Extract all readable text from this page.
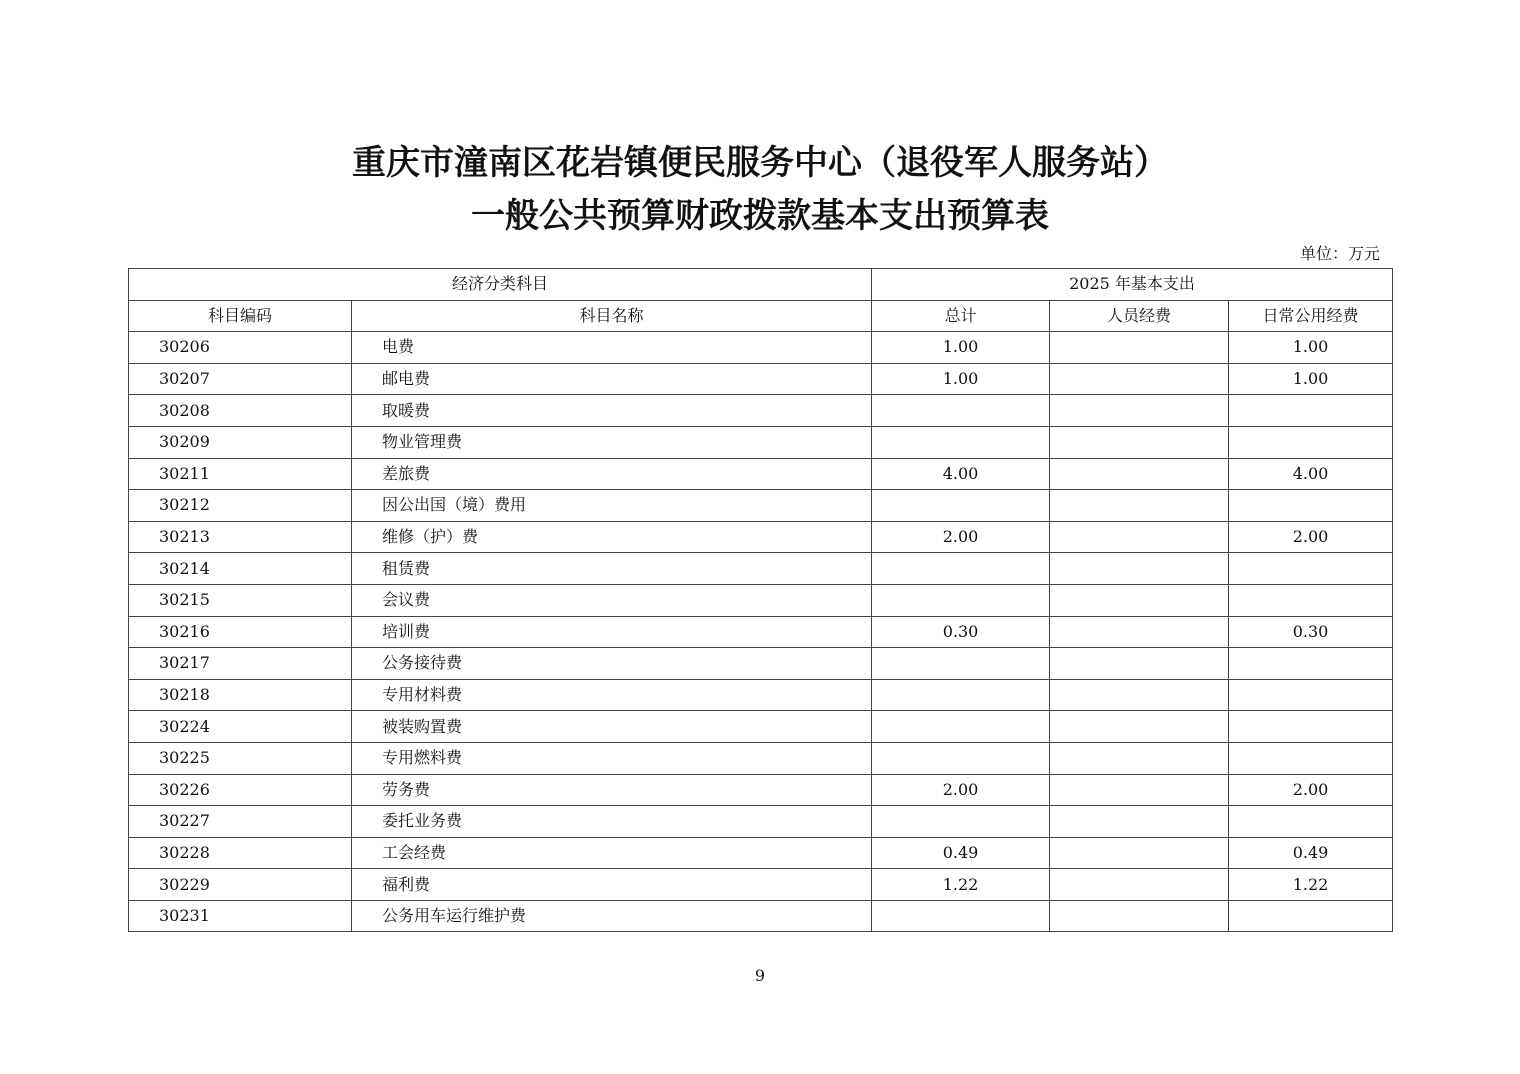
重庆市潼南区花岩镇便民服务中心（退役军人服务站）
一般公共预算财政拨款基本支出预算表
单位：万元
经济分类科目		2025 年基本支出		
科目编码	科目名称	总计	人员经费	日常公用经费
30206	电费	1.00		1.00
30207	邮电费	1.00		1.00
30208	取暖费			
30209	物业管理费			
30211	差旅费	4.00		4.00
30212	因公出国（境）费用			
30213	维修（护）费	2.00		2.00
30214	租赁费			
30215	会议费			
30216	培训费	0.30		0.30
30217	公务接待费			
30218	专用材料费			
30224	被装购置费			
30225	专用燃料费			
30226	劳务费	2.00		2.00
30227	委托业务费			
30228	工会经费	0.49		0.49
30229	福利费	1.22		1.22
30231	公务用车运行维护费			
9
